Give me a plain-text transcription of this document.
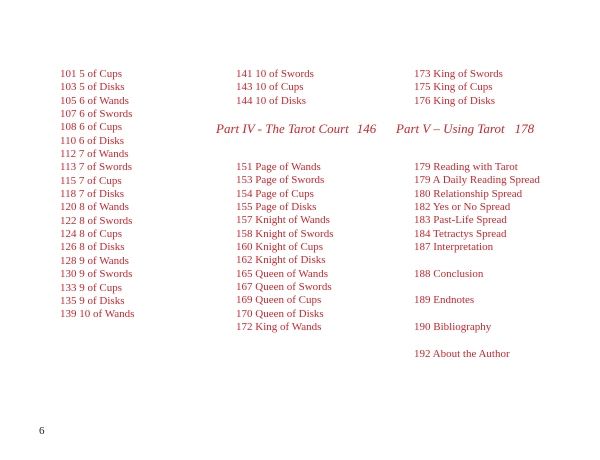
101 5 of Cups
103 5 of Disks
105 6 of Wands
107 6 of Swords
108 6 of Cups
110 6 of Disks
112 7 of Wands
113 7 of Swords
115 7 of Cups
118 7 of Disks
120 8 of Wands
122 8 of Swords
124 8 of Cups
126 8 of Disks
128 9 of Wands
130 9 of Swords
133 9 of Cups
135 9 of Disks
139 10 of Wands
141 10 of Swords
143 10 of Cups
144 10 of Disks
Part IV - The Tarot Court 146
151 Page of Wands
153 Page of Swords
154 Page of Cups
155 Page of Disks
157 Knight of Wands
158 Knight of Swords
160 Knight of Cups
162 Knight of Disks
165 Queen of Wands
167 Queen of Swords
169 Queen of Cups
170 Queen of Disks
172 King of Wands
173 King of Swords
175 King of Cups
176 King of Disks
Part V – Using Tarot 178
179 Reading with Tarot
179 A Daily Reading Spread
180 Relationship Spread
182 Yes or No Spread
183 Past-Life Spread
184 Tetractys Spread
187 Interpretation
188 Conclusion
189 Endnotes
190 Bibliography
192 About the Author
6
